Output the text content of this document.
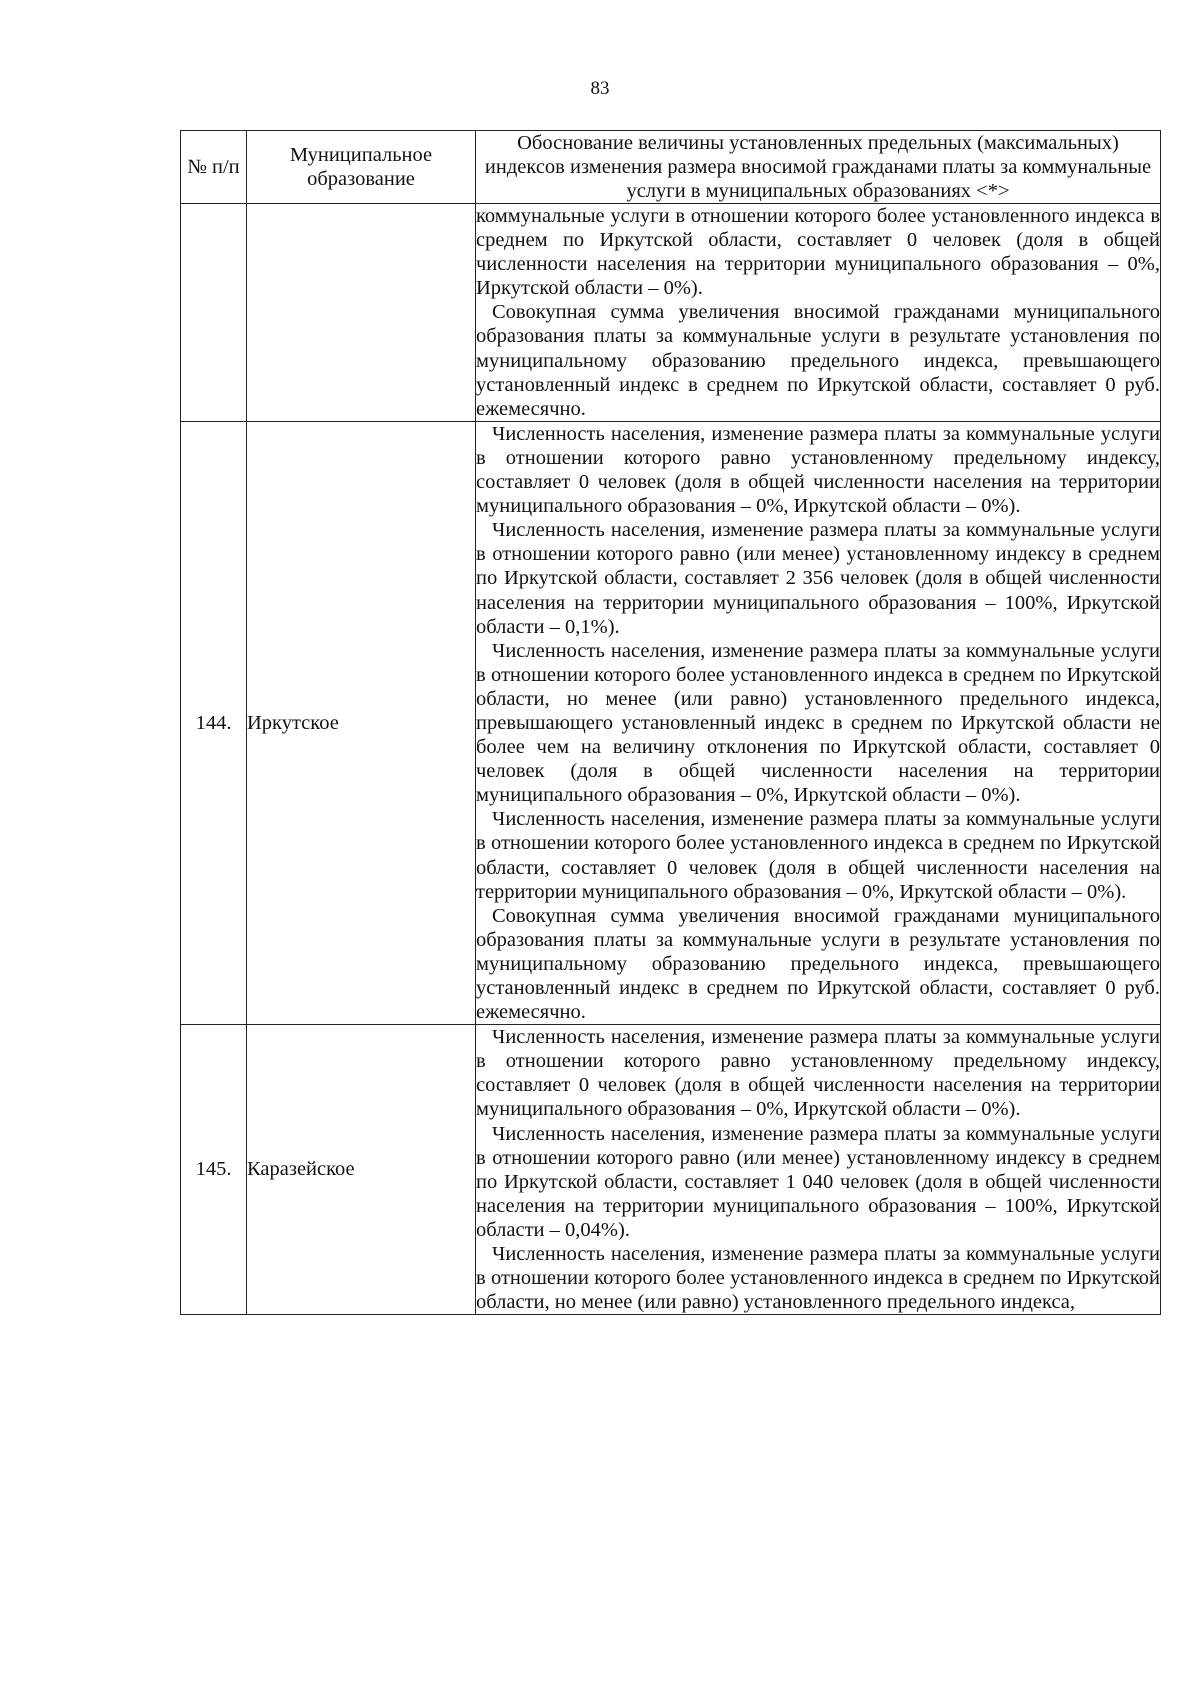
83
№ п/п	Муниципальное образование	Обоснование величины установленных предельных (максимальных) индексов изменения размера вносимой гражданами платы за коммунальные услуги в муниципальных образованиях <*>

		коммунальные услуги в отношении которого более установленного индекса в среднем по Иркутской области, составляет 0 человек (доля в общей численности населения на территории муниципального образования – 0%, Иркутской области – 0%).

Совокупная сумма увеличения вносимой гражданами муниципального образования платы за коммунальные услуги в результате установления по муниципальному образованию предельного индекса, превышающего установленный индекс в среднем по Иркутской области, составляет 0 руб. ежемесячно.

144.	Иркутское	Численность населения, изменение размера платы за коммунальные услуги в отношении которого равно установленному предельному индексу, составляет 0 человек (доля в общей численности населения на территории муниципального образования – 0%, Иркутской области – 0%).

Численность населения, изменение размера платы за коммунальные услуги в отношении которого равно (или менее) установленному индексу в среднем по Иркутской области, составляет 2 356 человек (доля в общей численности населения на территории муниципального образования – 100%, Иркутской области – 0,1%).

Численность населения, изменение размера платы за коммунальные услуги в отношении которого более установленного индекса в среднем по Иркутской области, но менее (или равно) установленного предельного индекса, превышающего установленный индекс в среднем по Иркутской области не более чем на величину отклонения по Иркутской области, составляет 0 человек (доля в общей численности населения на территории муниципального образования – 0%, Иркутской области – 0%).

Численность населения, изменение размера платы за коммунальные услуги в отношении которого более установленного индекса в среднем по Иркутской области, составляет 0 человек (доля в общей численности населения на территории муниципального образования – 0%, Иркутской области – 0%).

Совокупная сумма увеличения вносимой гражданами муниципального образования платы за коммунальные услуги в результате установления по муниципальному образованию предельного индекса, превышающего установленный индекс в среднем по Иркутской области, составляет 0 руб. ежемесячно.

145.	Каразейское	Численность населения, изменение размера платы за коммунальные услуги в отношении которого равно установленному предельному индексу, составляет 0 человек (доля в общей численности населения на территории муниципального образования – 0%, Иркутской области – 0%).

Численность населения, изменение размера платы за коммунальные услуги в отношении которого равно (или менее) установленному индексу в среднем по Иркутской области, составляет 1 040 человек (доля в общей численности населения на территории муниципального образования – 100%, Иркутской области – 0,04%).

Численность населения, изменение размера платы за коммунальные услуги в отношении которого более установленного индекса в среднем по Иркутской области, но менее (или равно) установленного предельного индекса,
